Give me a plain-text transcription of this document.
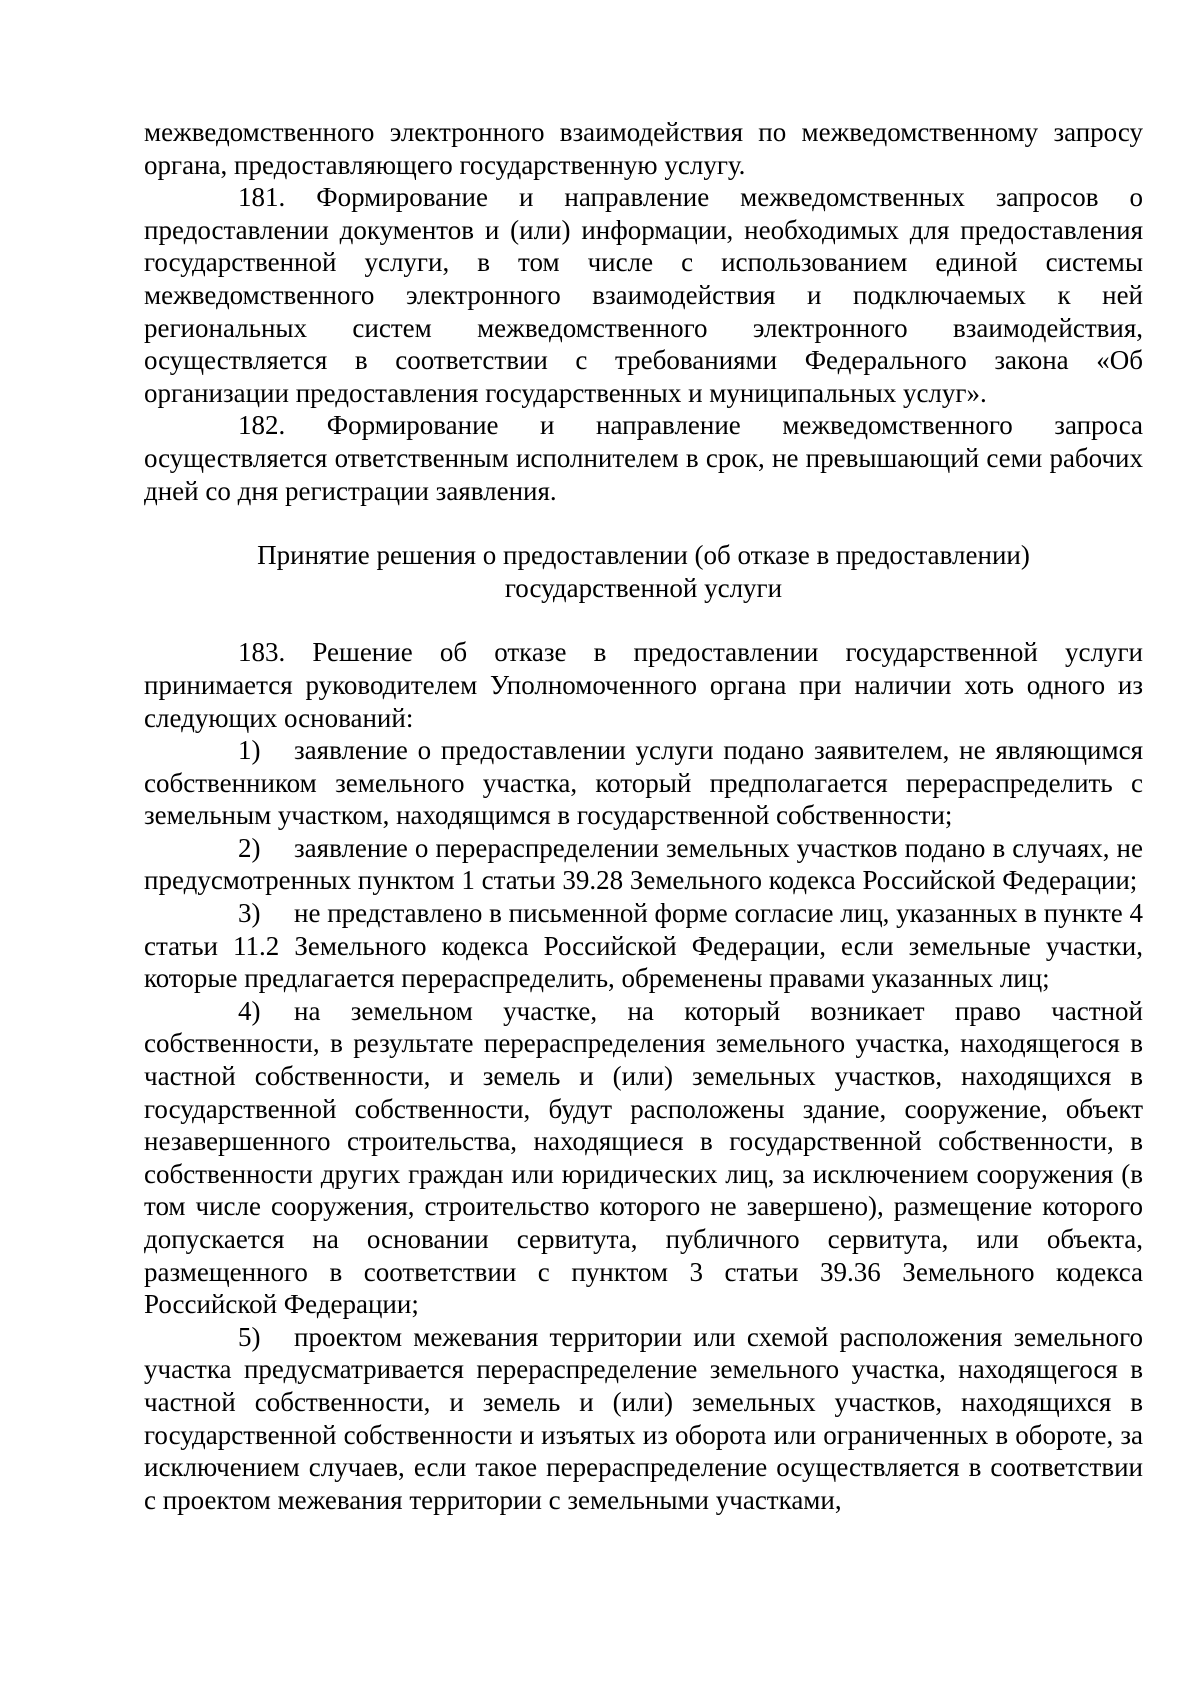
межведомственного электронного взаимодействия по межведомственному запросу органа, предоставляющего государственную услугу.

181. Формирование и направление межведомственных запросов о предоставлении документов и (или) информации, необходимых для предоставления государственной услуги, в том числе с использованием единой системы межведомственного электронного взаимодействия и подключаемых к ней региональных систем межведомственного электронного взаимодействия, осуществляется в соответствии с требованиями Федерального закона «Об организации предоставления государственных и муниципальных услуг».

182. Формирование и направление межведомственного запроса осуществляется ответственным исполнителем в срок, не превышающий семи рабочих дней со дня регистрации заявления.

Принятие решения о предоставлении (об отказе в предоставлении)
государственной услуги

183. Решение об отказе в предоставлении государственной услуги принимается руководителем Уполномоченного органа при наличии хоть одного из следующих оснований:

1) заявление о предоставлении услуги подано заявителем, не являющимся собственником земельного участка, который предполагается перераспределить с земельным участком, находящимся в государственной собственности;

2) заявление о перераспределении земельных участков подано в случаях, не предусмотренных пунктом 1 статьи 39.28 Земельного кодекса Российской Федерации;

3) не представлено в письменной форме согласие лиц, указанных в пункте 4 статьи 11.2 Земельного кодекса Российской Федерации, если земельные участки, которые предлагается перераспределить, обременены правами указанных лиц;

4) на земельном участке, на который возникает право частной собственности, в результате перераспределения земельного участка, находящегося в частной собственности, и земель и (или) земельных участков, находящихся в государственной собственности, будут расположены здание, сооружение, объект незавершенного строительства, находящиеся в государственной собственности, в собственности других граждан или юридических лиц, за исключением сооружения (в том числе сооружения, строительство которого не завершено), размещение которого допускается на основании сервитута, публичного сервитута, или объекта, размещенного в соответствии с пунктом 3 статьи 39.36 Земельного кодекса Российской Федерации;

5) проектом межевания территории или схемой расположения земельного участка предусматривается перераспределение земельного участка, находящегося в частной собственности, и земель и (или) земельных участков, находящихся в государственной собственности и изъятых из оборота или ограниченных в обороте, за исключением случаев, если такое перераспределение осуществляется в соответствии с проектом межевания территории с земельными участками,
